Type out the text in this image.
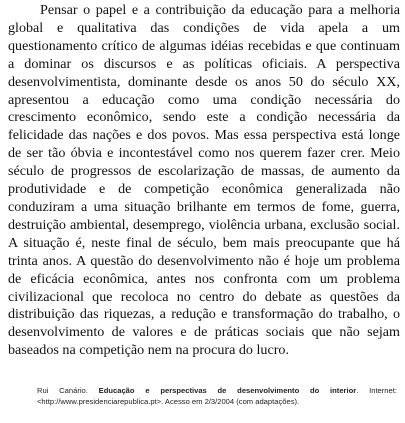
Pensar o papel e a contribuição da educação para a melhoria global e qualitativa das condições de vida apela a um questionamento crítico de algumas idéias recebidas e que continuam a dominar os discursos e as políticas oficiais. A perspectiva desenvolvimentista, dominante desde os anos 50 do século XX, apresentou a educação como uma condição necessária do crescimento econômico, sendo este a condição necessária da felicidade das nações e dos povos. Mas essa perspectiva está longe de ser tão óbvia e incontestável como nos querem fazer crer. Meio século de progressos de escolarização de massas, de aumento da produtividade e de competição econômica generalizada não conduziram a uma situação brilhante em termos de fome, guerra, destruição ambiental, desemprego, violência urbana, exclusão social. A situação é, neste final de século, bem mais preocupante que há trinta anos. A questão do desenvolvimento não é hoje um problema de eficácia econômica, antes nos confronta com um problema civilizacional que recoloca no centro do debate as questões da distribuição das riquezas, a redução e transformação do trabalho, o desenvolvimento de valores e de práticas sociais que não sejam baseados na competição nem na procura do lucro.

Rui Canário. Educação e perspectivas de desenvolvimento do interior. Internet: <http://www.presidenciarepublica.pt>. Acesso em 2/3/2004 (com adaptações).
